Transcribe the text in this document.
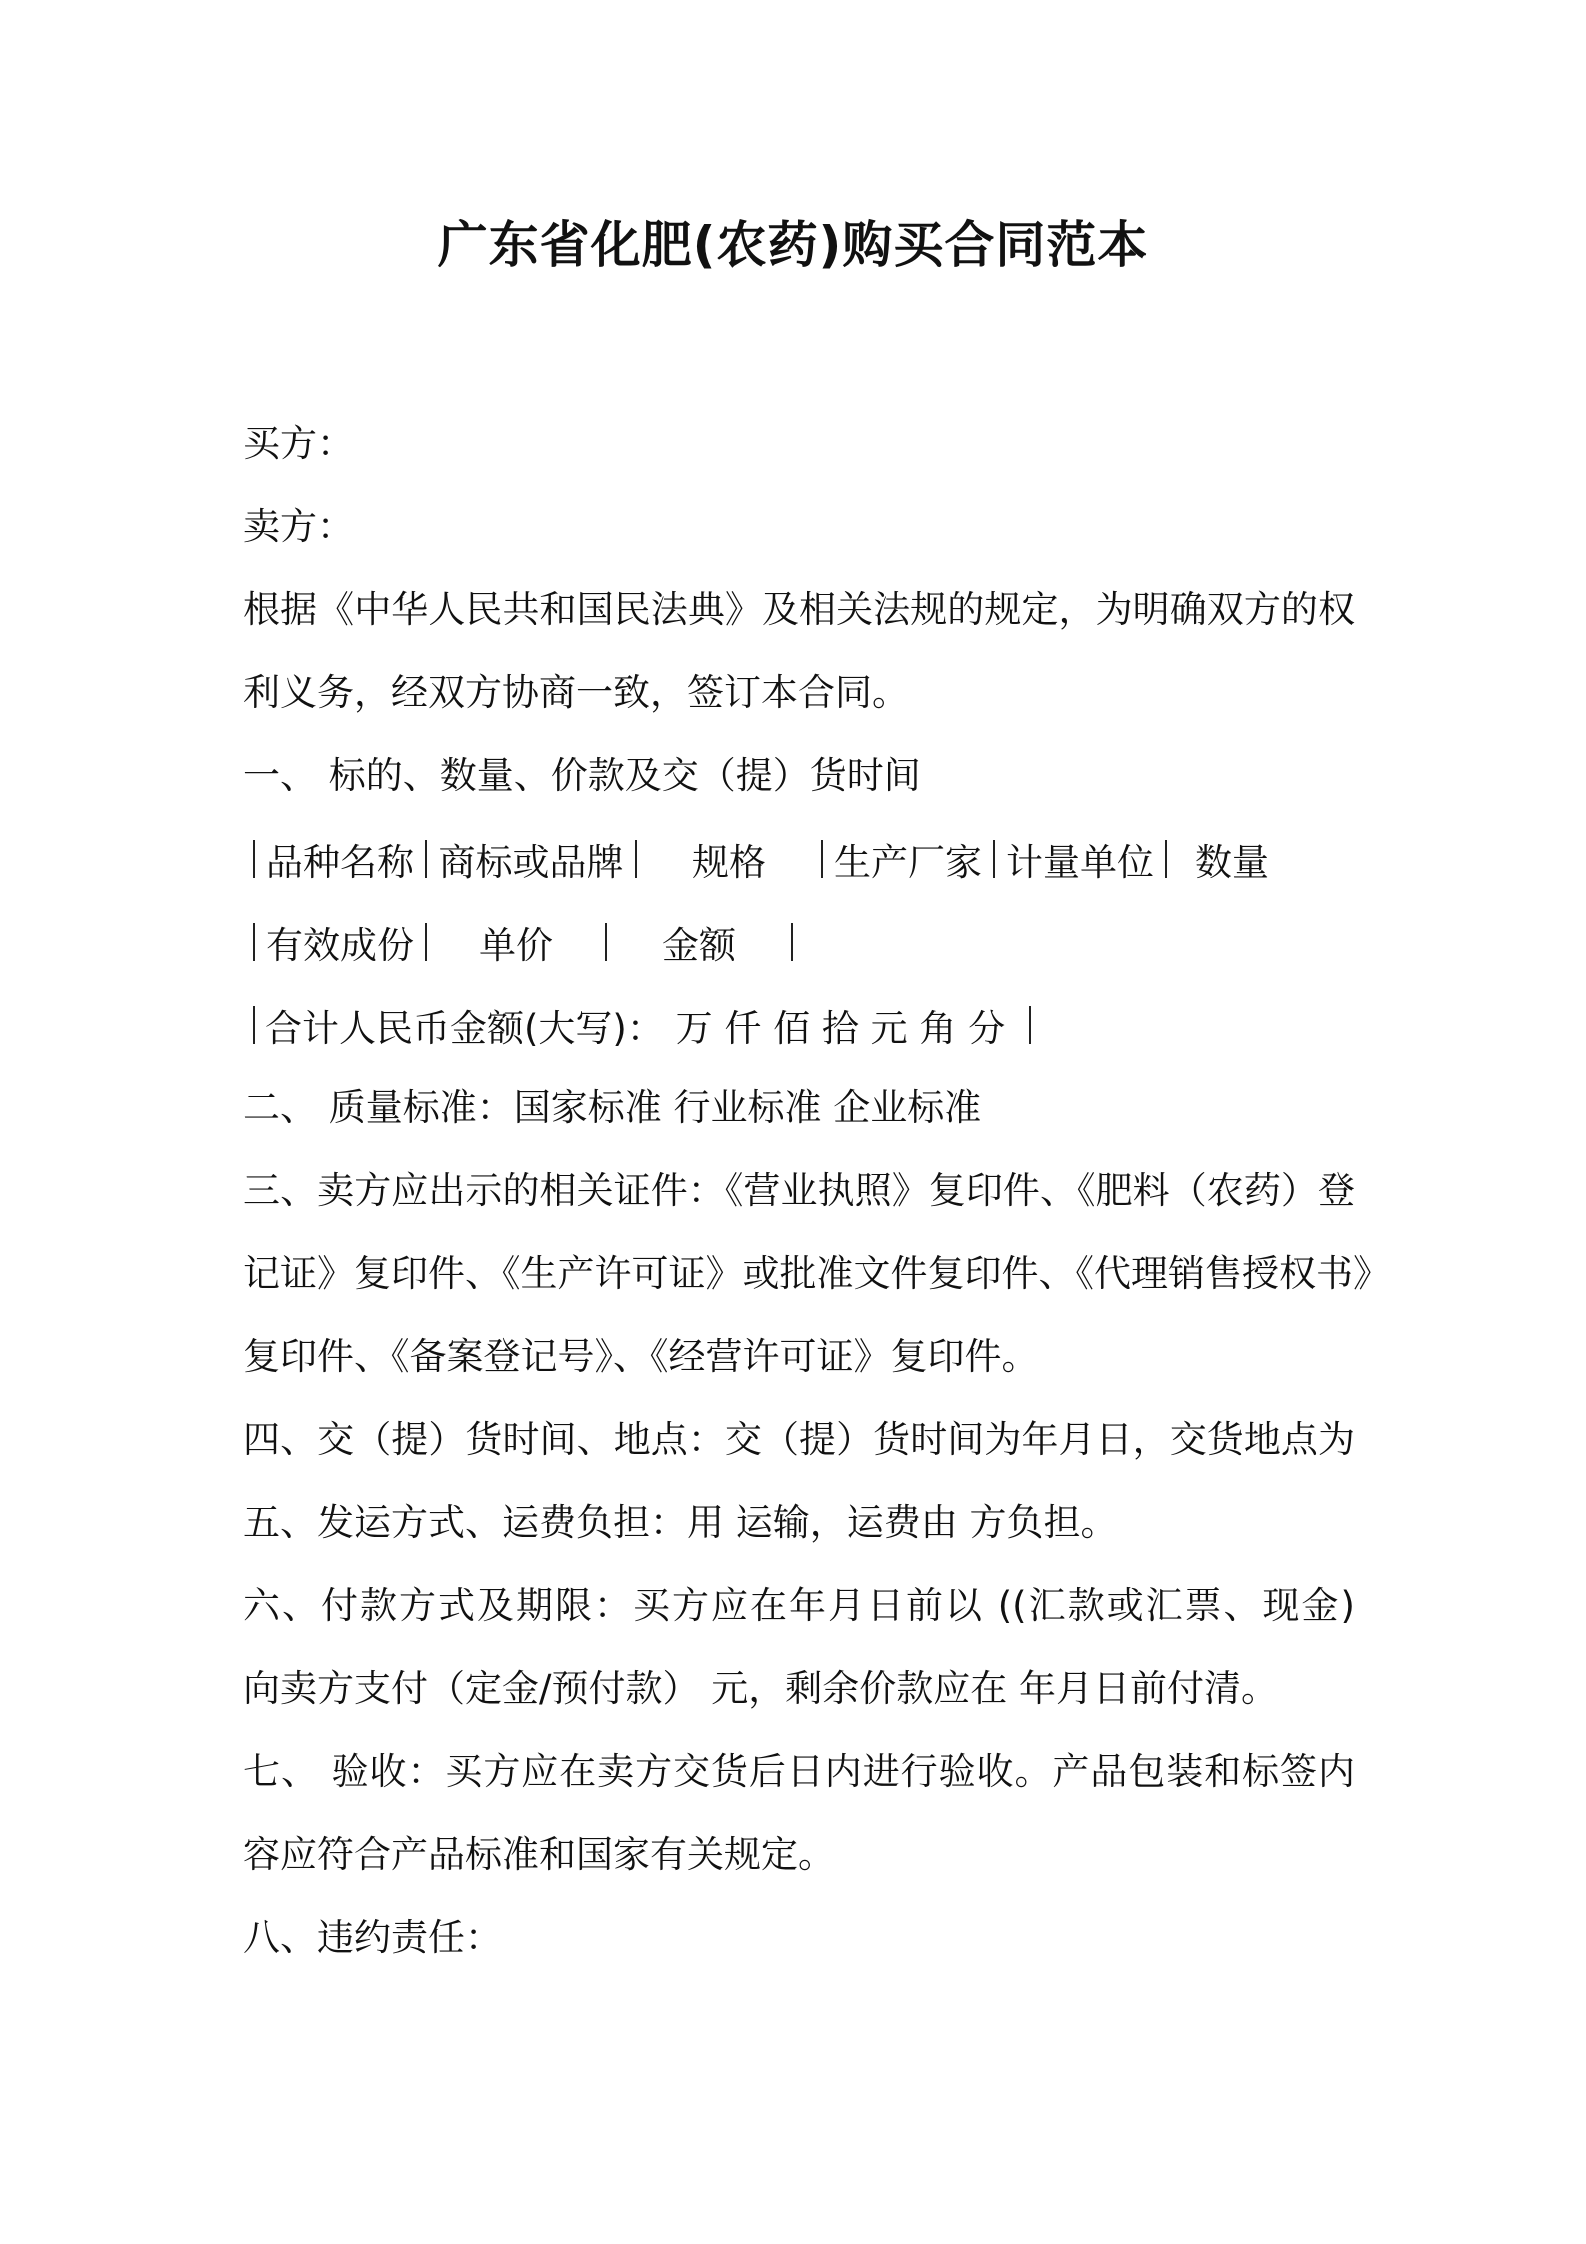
广东省化肥(农药)购买合同范本
买方：
卖方：
根据《中华人民共和国民法典》及相关法规的规定，为明确双方的权
利义务，经双方协商一致，签订本合同。
一、 标的、数量、价款及交（提）货时间
品种名称 商标或品牌	规格	生产厂家 计量单位	数量
有效成份	单价	金额
合计人民币金额(大写)： 万 仟 佰 拾 元 角 分
二、 质量标准：国家标准 行业标准 企业标准
三、卖方应出示的相关证件：《营业执照》复印件、《肥料（农药）登
记证》复印件、《生产许可证》或批准文件复印件、《代理销售授权书》
复印件、《备案登记号》、《经营许可证》复印件。
四、交（提）货时间、地点：交（提）货时间为年月日，交货地点为
五、发运方式、运费负担：用 运输，运费由 方负担。
六、付款方式及期限：买方应在年月日前以 ((汇款或汇票、现金)
向卖方支付（定金/预付款） 元，剩余价款应在 年月日前付清。
七、 验收：买方应在卖方交货后日内进行验收。产品包装和标签内
容应符合产品标准和国家有关规定。
八、违约责任：
